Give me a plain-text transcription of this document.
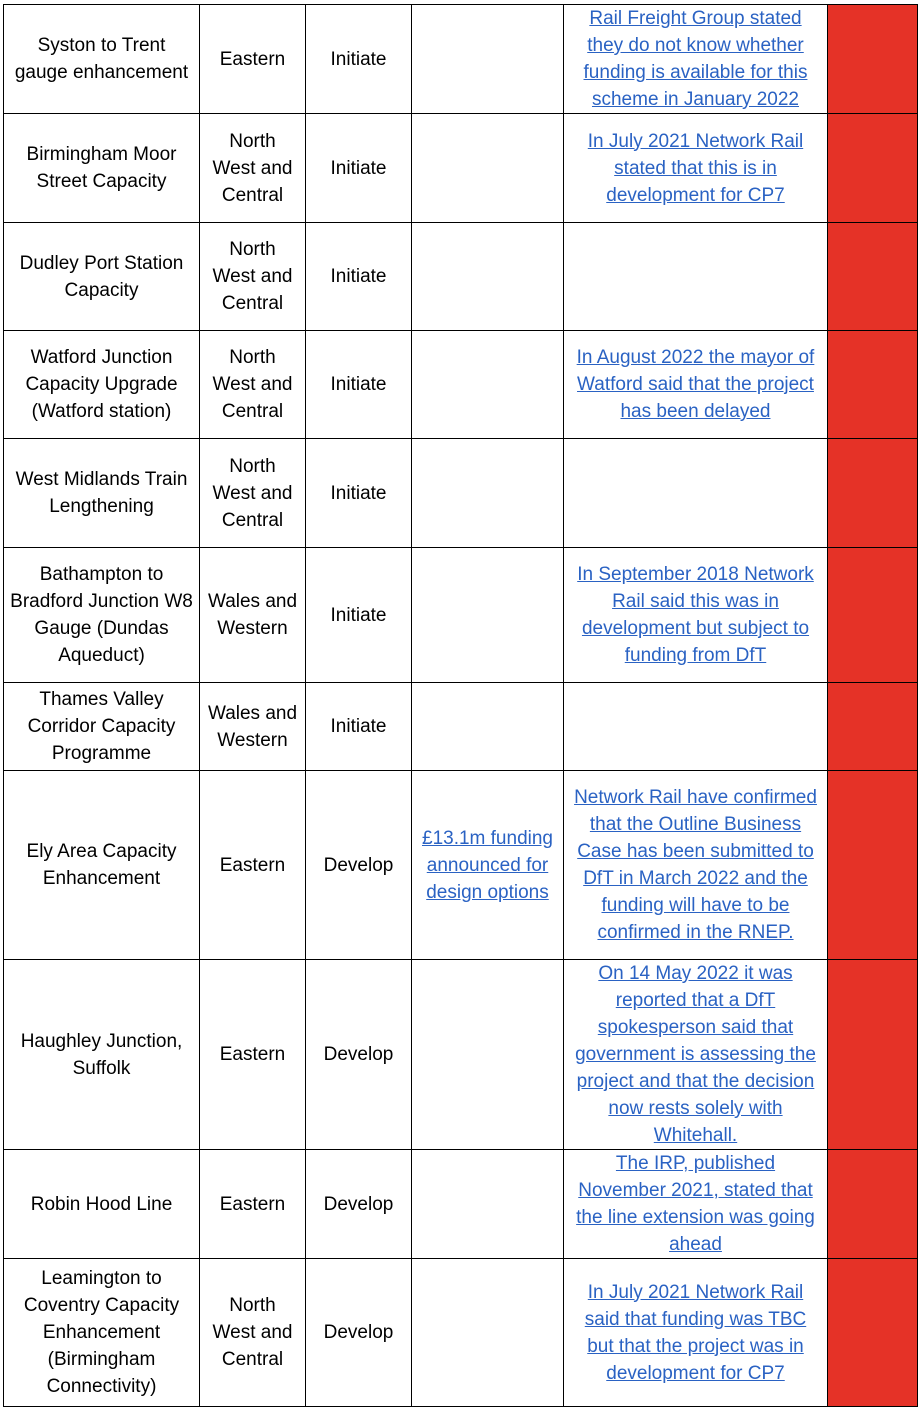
Syston to Trent gauge enhancement	Eastern	Initiate		Rail Freight Group stated they do not know whether funding is available for this scheme in January 2022	
Birmingham Moor Street Capacity	North West and Central	Initiate		In July 2021 Network Rail stated that this is in development for CP7	
Dudley Port Station Capacity	North West and Central	Initiate			
Watford Junction Capacity Upgrade (Watford station)	North West and Central	Initiate		In August 2022 the mayor of Watford said that the project has been delayed	
West Midlands Train Lengthening	North West and Central	Initiate			
Bathampton to Bradford Junction W8 Gauge (Dundas Aqueduct)	Wales and Western	Initiate		In September 2018 Network Rail said this was in development but subject to funding from DfT	
Thames Valley Corridor Capacity Programme	Wales and Western	Initiate			
Ely Area Capacity Enhancement	Eastern	Develop	£13.1m funding announced for design options	Network Rail have confirmed that the Outline Business Case has been submitted to DfT in March 2022 and the funding will have to be confirmed in the RNEP.	
Haughley Junction, Suffolk	Eastern	Develop		On 14 May 2022 it was reported that a DfT spokesperson said that government is assessing the project and that the decision now rests solely with Whitehall.	
Robin Hood Line	Eastern	Develop		The IRP, published November 2021, stated that the line extension was going ahead	
Leamington to Coventry Capacity Enhancement (Birmingham Connectivity)	North West and Central	Develop		In July 2021 Network Rail said that funding was TBC but that the project was in development for CP7	
